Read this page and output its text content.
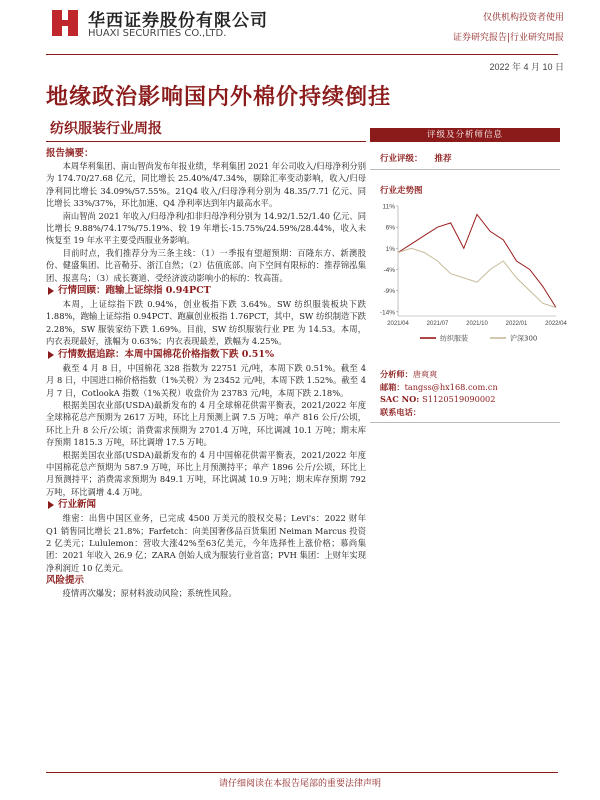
华西证券股份有限公司
HUAXI SECURITIES CO.,LTD.
仅供机构投资者使用
证券研究报告|行业研究周报
2022 年 4 月 10 日
地缘政治影响国内外棉价持续倒挂
纺织服装行业周报
报告摘要：

本周华利集团、南山智尚发布年报业绩，华利集团 2021 年公司收入/归母净利分别为 174.70/27.68 亿元，同比增长 25.40%/47.34%，剔除汇率变动影响，收入/归母净利同比增长 34.09%/57.55%。21Q4 收入/归母净利分别为 48.35/7.71 亿元、同比增长 33%/37%，环比加速、Q4 净利率达到年内最高水平。

南山智尚 2021 年收入/归母净利/扣非归母净利分别为 14.92/1.52/1.40 亿元、同比增长 9.88%/74.17%/75.19%、较 19 年增长-15.75%/24.59%/28.44%，收入未恢复至 19 年水平主要受西服业务影响。

目前时点，我们推荐分为三条主线：（1）一季报有望超预期：百隆东方、新澳股份、健盛集团、比音勒芬、浙江自然；（2）估值底部、向下空间有限标的：推荐锦泓集团、报喜鸟；（3）成长赛道、受经济波动影响小的标的：牧高笛。

行情回顾：跑输上证综指 0.94PCT

本周，上证综指下跌 0.94%，创业板指下跌 3.64%。SW 纺织服装板块下跌 1.88%，跑输上证综指 0.94PCT、跑赢创业板指 1.76PCT，其中，SW 纺织制造下跌 2.28%，SW 服装家纺下跌 1.69%。目前，SW 纺织服装行业 PE 为 14.53。本周，内衣表现最好，涨幅为 0.63%；内衣表现最差，跌幅为 4.25%。

行情数据追踪：本周中国棉花价格指数下跌 0.51%

截至 4 月 8 日，中国棉花 328 指数为 22751 元/吨，本周下跌 0.51%。截至 4 月 8 日，中国进口棉价格指数（1%关税）为 23452 元/吨，本周下跌 1.52%。截至 4 月 7 日，CotlookA 指数（1%关税）收盘价为 23783 元/吨，本周下跌 2.18%。

根据美国农业部(USDA)最新发布的 4 月全球棉花供需平衡表，2021/2022 年度全球棉花总产预期为 2617 万吨，环比上月预测上调 7.5 万吨；单产 816 公斤/公顷，环比上升 8 公斤/公顷；消费需求预期为 2701.4 万吨，环比调减 10.1 万吨；期末库存预期 1815.3 万吨，环比调增 17.5 万吨。

根据美国农业部(USDA)最新发布的 4 月中国棉花供需平衡表，2021/2022 年度中国棉花总产预期为 587.9 万吨，环比上月预测持平；单产 1896 公斤/公顷，环比上月预测持平；消费需求预期为 849.1 万吨，环比调减 10.9 万吨；期末库存预期 792 万吨，环比调增 4.4 万吨。

行业新闻

维密：出售中国区业务，已完成 4500 万美元的股权交易；Levi's：2022 财年 Q1 销售同比增长 21.8%；Farfetch：向美国奢侈品百货集团 Neiman Marcus 投资 2 亿美元；Lululemon：营收大涨42%至63亿美元，今年选择性上涨价格；慕尚集团：2021 年收入 26.9 亿；ZARA 创始人成为服装行业首富；PVH 集团：上财年实现净利润近 10 亿美元。

风险提示

疫情再次爆发；原材料波动风险；系统性风险。

评级及分析师信息
行业评级： 推荐
行业走势图
11%
6%
1%
-4%
-9%
-14%
2021/04	2021/07	2021/10	2022/01	2022/04
纺织服装	沪深300
分析师：唐爽爽
邮箱：tangss@hx168.com.cn
SAC NO: S1120519090002
联系电话：
请仔细阅读在本报告尾部的重要法律声明
